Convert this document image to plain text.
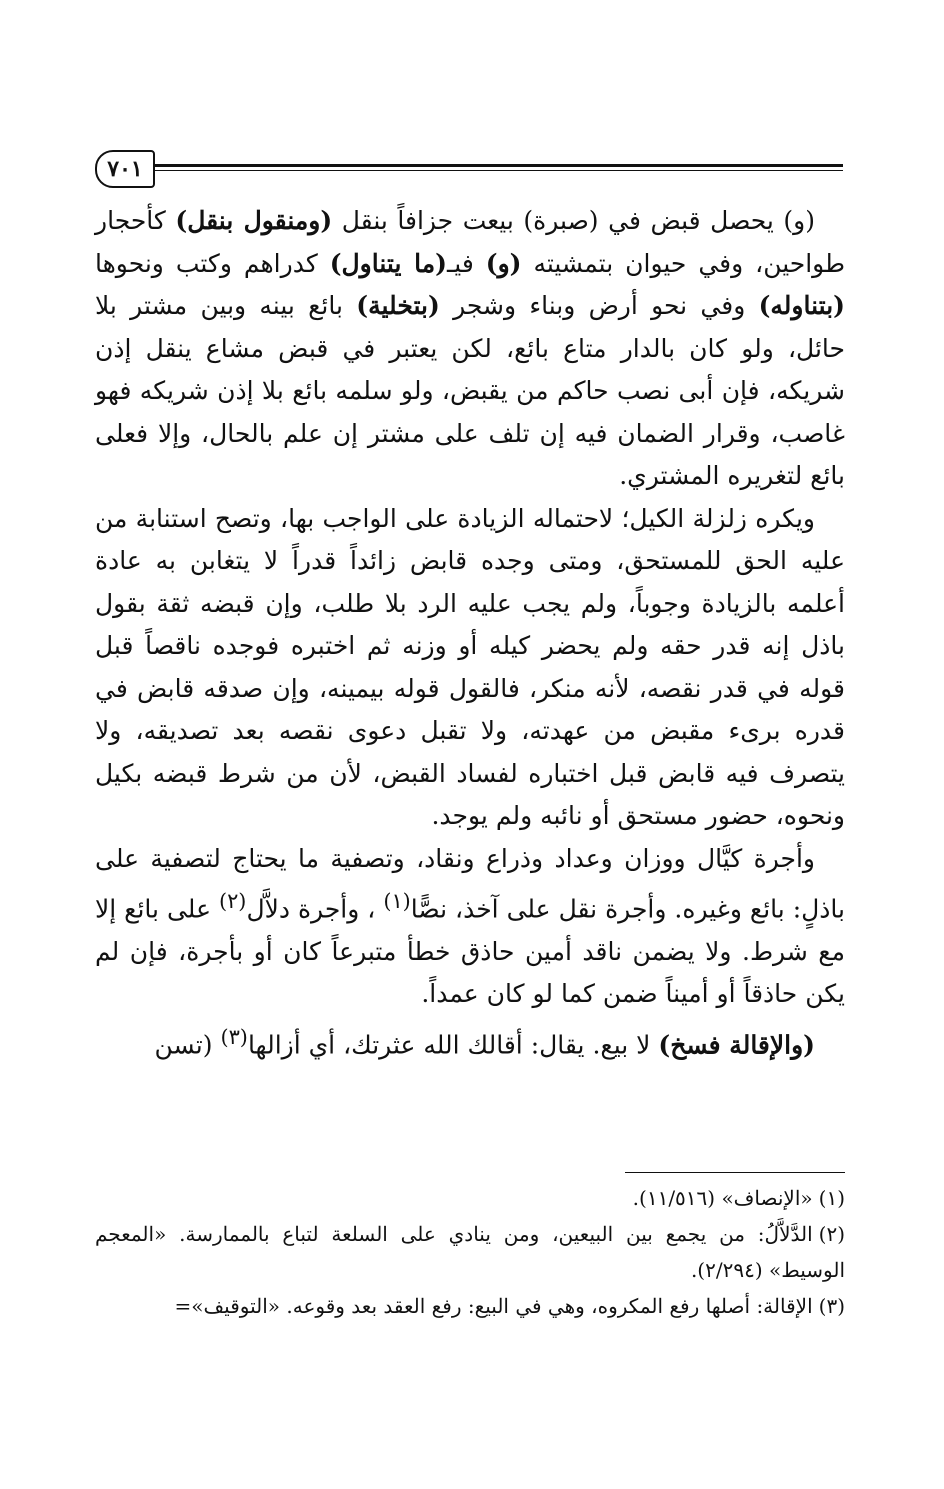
٧٠١

(و) يحصل قبض في (صبرة) بيعت جزافاً بنقل (ومنقول بنقل) كأحجار طواحين، وفي حيوان بتمشيته (و) فيـ(ما يتناول) كدراهم وكتب ونحوها (بتناوله) وفي نحو أرض وبناء وشجر (بتخلية) بائع بينه وبين مشتر بلا حائل، ولو كان بالدار متاع بائع، لكن يعتبر في قبض مشاع ينقل إذن شريكه، فإن أبى نصب حاكم من يقبض، ولو سلمه بائع بلا إذن شريكه فهو غاصب، وقرار الضمان فيه إن تلف على مشتر إن علم بالحال، وإلا فعلى بائع لتغريره المشتري.

ويكره زلزلة الكيل؛ لاحتماله الزيادة على الواجب بها، وتصح استنابة من عليه الحق للمستحق، ومتى وجده قابض زائداً قدراً لا يتغابن به عادة أعلمه بالزيادة وجوباً، ولم يجب عليه الرد بلا طلب، وإن قبضه ثقة بقول باذل إنه قدر حقه ولم يحضر كيله أو وزنه ثم اختبره فوجده ناقصاً قبل قوله في قدر نقصه، لأنه منكر، فالقول قوله بيمينه، وإن صدقه قابض في قدره برىء مقبض من عهدته، ولا تقبل دعوى نقصه بعد تصديقه، ولا يتصرف فيه قابض قبل اختباره لفساد القبض، لأن من شرط قبضه بكيل ونحوه، حضور مستحق أو نائبه ولم يوجد.

وأجرة كيَّال ووزان وعداد وذراع ونقاد، وتصفية ما يحتاج لتصفية على باذلٍ: بائع وغيره. وأجرة نقل على آخذ، نصًّا$^{(١)}$ ، وأجرة دلاَّل$^{(٢)}$ على بائع إلا مع شرط. ولا يضمن ناقد أمين حاذق خطأ متبرعاً كان أو بأجرة، فإن لم يكن حاذقاً أو أميناً ضمن كما لو كان عمداً.

(والإقالة فسخ) لا بيع. يقال: أقالك الله عثرتك، أي أزالها$^{(٣)}$ (تسن

(١)«الإنصاف» (١١/٥١٦).

(٢)الدَّلاَّلُ: من يجمع بين البيعين، ومن ينادي على السلعة لتباع بالممارسة. «المعجم الوسيط» (٢/٢٩٤).

(٣)الإقالة: أصلها رفع المكروه، وهي في البيع: رفع العقد بعد وقوعه. «التوقيف»=
